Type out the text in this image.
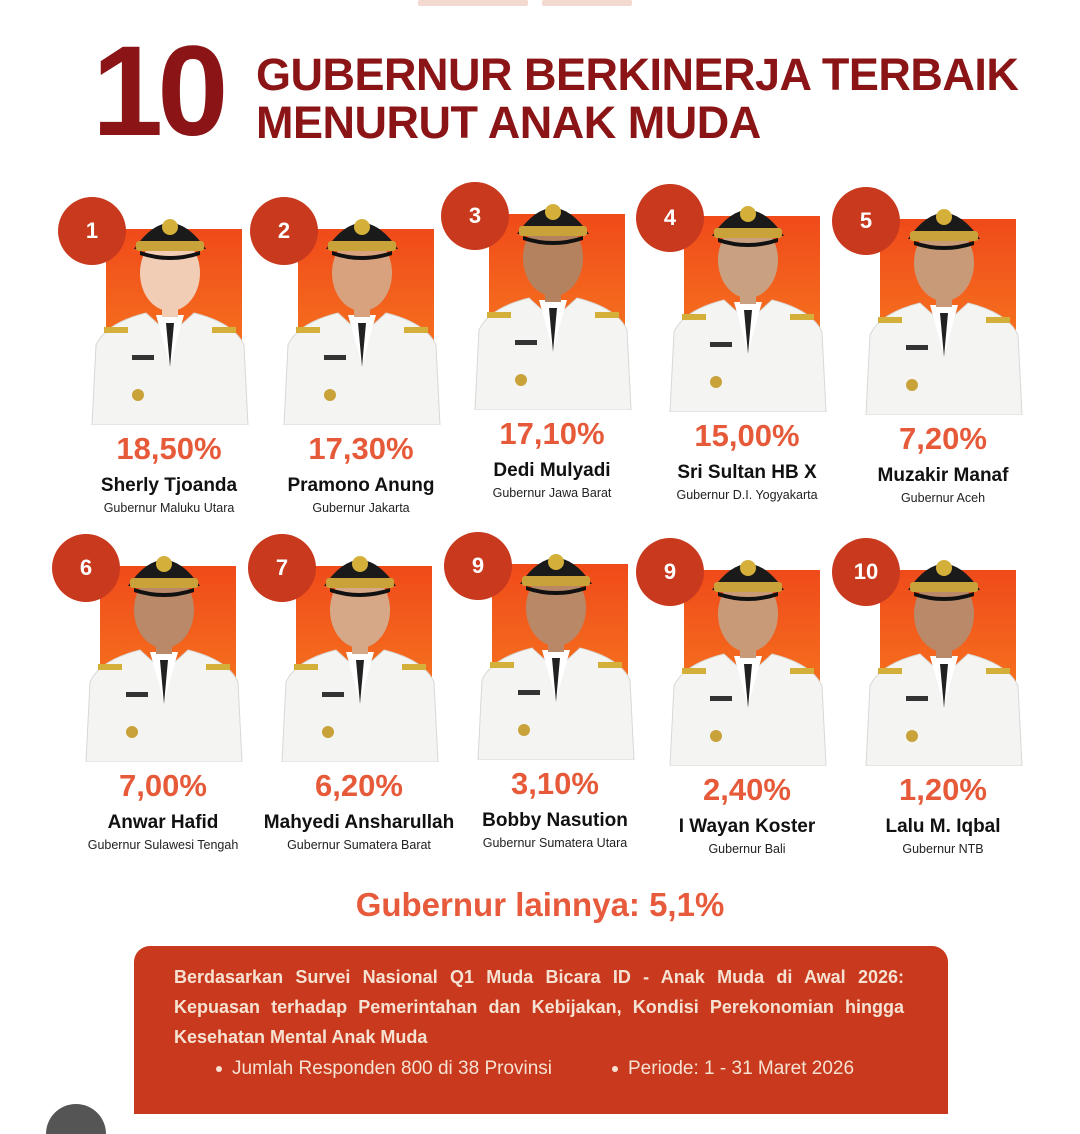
10 GUBERNUR BERKINERJA TERBAIK
MENURUT ANAK MUDA
1
18,50%
Sherly Tjoanda
Gubernur Maluku Utara
2
17,30%
Pramono Anung
Gubernur Jakarta
3
17,10%
Dedi Mulyadi
Gubernur Jawa Barat
4
15,00%
Sri Sultan HB X
Gubernur D.I. Yogyakarta
5
7,20%
Muzakir Manaf
Gubernur Aceh
6
7,00%
Anwar Hafid
Gubernur Sulawesi Tengah
7
6,20%
Mahyedi Ansharullah
Gubernur Sumatera Barat
9
3,10%
Bobby Nasution
Gubernur Sumatera Utara
9
2,40%
I Wayan Koster
Gubernur Bali
10
1,20%
Lalu M. Iqbal
Gubernur NTB
Gubernur lainnya: 5,1%
Berdasarkan Survei Nasional Q1 Muda Bicara ID - Anak Muda di Awal 2026: Kepuasan terhadap Pemerintahan dan Kebijakan, Kondisi Perekonomian hingga Kesehatan Mental Anak Muda
Jumlah Responden 800 di 38 Provinsi	Periode: 1 - 31 Maret 2026
